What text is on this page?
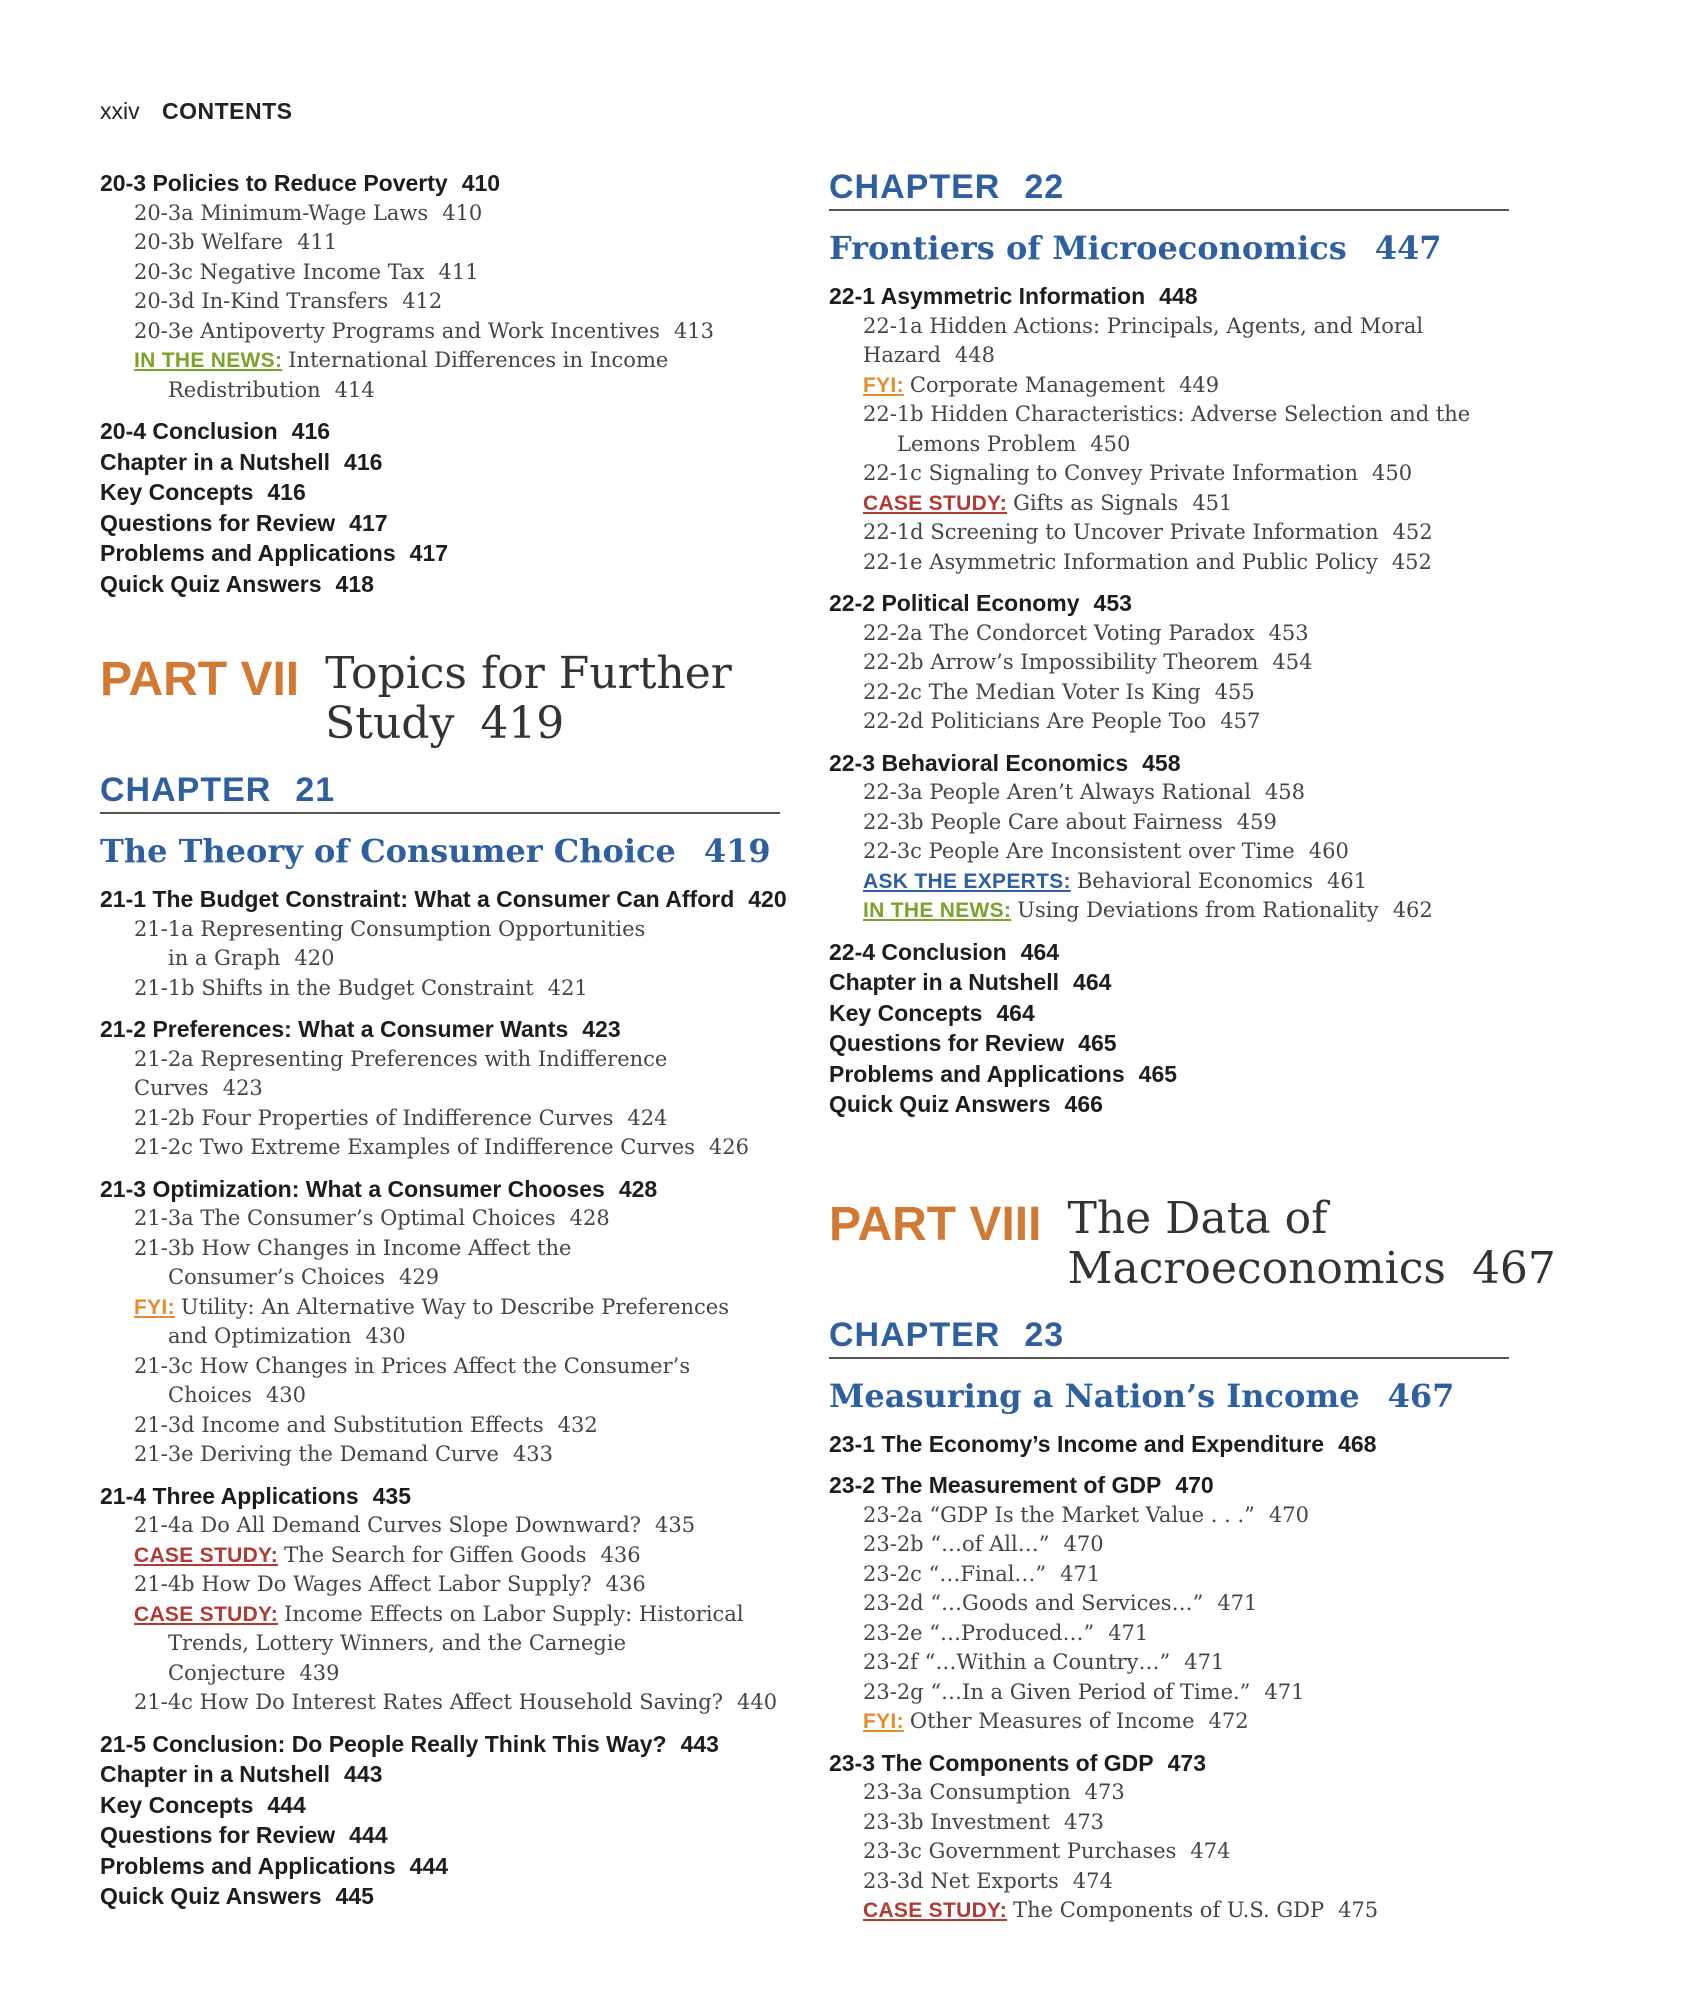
xxiv CONTENTS
20-3 Policies to Reduce Poverty 410
20-3a Minimum-Wage Laws 410
20-3b Welfare 411
20-3c Negative Income Tax 411
20-3d In-Kind Transfers 412
20-3e Antipoverty Programs and Work Incentives 413
IN THE NEWS: International Differences in Income
Redistribution 414
20-4 Conclusion 416
Chapter in a Nutshell 416
Key Concepts 416
Questions for Review 417
Problems and Applications 417
Quick Quiz Answers 418
PART VII Topics for Further
Study 419
CHAPTER 21
The Theory of Consumer Choice 419
21-1 The Budget Constraint: What a Consumer Can Afford 420
21-1a Representing Consumption Opportunities
in a Graph 420
21-1b Shifts in the Budget Constraint 421
21-2 Preferences: What a Consumer Wants 423
21-2a Representing Preferences with Indifference Curves 423
21-2b Four Properties of Indifference Curves 424
21-2c Two Extreme Examples of Indifference Curves 426
21-3 Optimization: What a Consumer Chooses 428
21-3a The Consumer’s Optimal Choices 428
21-3b How Changes in Income Affect the
Consumer’s Choices 429
FYI: Utility: An Alternative Way to Describe Preferences
and Optimization 430
21-3c How Changes in Prices Affect the Consumer’s
Choices 430
21-3d Income and Substitution Effects 432
21-3e Deriving the Demand Curve 433
21-4 Three Applications 435
21-4a Do All Demand Curves Slope Downward? 435
CASE STUDY: The Search for Giffen Goods 436
21-4b How Do Wages Affect Labor Supply? 436
CASE STUDY: Income Effects on Labor Supply: Historical
Trends, Lottery Winners, and the Carnegie
Conjecture 439
21-4c How Do Interest Rates Affect Household Saving? 440
21-5 Conclusion: Do People Really Think This Way? 443
Chapter in a Nutshell 443
Key Concepts 444
Questions for Review 444
Problems and Applications 444
Quick Quiz Answers 445
CHAPTER 22
Frontiers of Microeconomics 447
22-1 Asymmetric Information 448
22-1a Hidden Actions: Principals, Agents, and Moral Hazard 448
FYI: Corporate Management 449
22-1b Hidden Characteristics: Adverse Selection and the
Lemons Problem 450
22-1c Signaling to Convey Private Information 450
CASE STUDY: Gifts as Signals 451
22-1d Screening to Uncover Private Information 452
22-1e Asymmetric Information and Public Policy 452
22-2 Political Economy 453
22-2a The Condorcet Voting Paradox 453
22-2b Arrow’s Impossibility Theorem 454
22-2c The Median Voter Is King 455
22-2d Politicians Are People Too 457
22-3 Behavioral Economics 458
22-3a People Aren’t Always Rational 458
22-3b People Care about Fairness 459
22-3c People Are Inconsistent over Time 460
ASK THE EXPERTS: Behavioral Economics 461
IN THE NEWS: Using Deviations from Rationality 462
22-4 Conclusion 464
Chapter in a Nutshell 464
Key Concepts 464
Questions for Review 465
Problems and Applications 465
Quick Quiz Answers 466
PART VIII The Data of
Macroeconomics 467
CHAPTER 23
Measuring a Nation’s Income 467
23-1 The Economy’s Income and Expenditure 468
23-2 The Measurement of GDP 470
23-2a “GDP Is the Market Value . . .” 470
23-2b “…of All…” 470
23-2c “…Final…” 471
23-2d “…Goods and Services…” 471
23-2e “…Produced…” 471
23-2f “…Within a Country…” 471
23-2g “…In a Given Period of Time.” 471
FYI: Other Measures of Income 472
23-3 The Components of GDP 473
23-3a Consumption 473
23-3b Investment 473
23-3c Government Purchases 474
23-3d Net Exports 474
CASE STUDY: The Components of U.S. GDP 475
